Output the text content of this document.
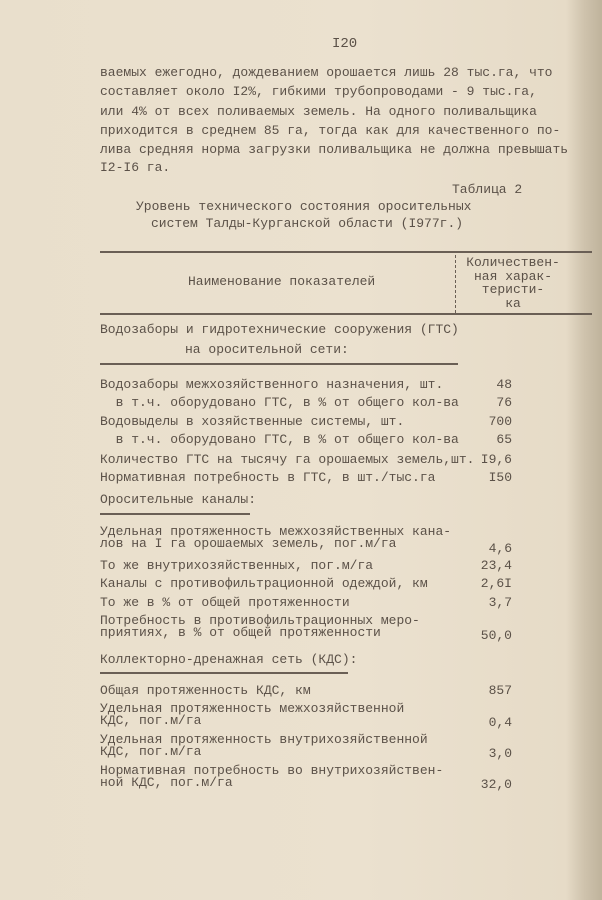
I20
ваемых ежегодно, дождеванием орошается лишь 28 тыс.га, что
составляет около I2%, гибкими трубопроводами - 9 тыс.га,
или 4% от всех поливаемых земель. На одного поливальщика
приходится в среднем 85 га, тогда как для качественного по-
лива средняя норма загрузки поливальщика не должна превышать
I2-I6 га.
Таблица 2
Уровень технического состояния оросительных
систем Талды-Курганской области (I977г.)
Наименование показателей
Количествен-
ная харак-
теристи-
ка
Водозаборы и гидротехнические сооружения (ГТС)
на оросительной сети:
Водозаборы межхозяйственного назначения, шт.	48
в т.ч. оборудовано ГТС, в % от общего кол-ва	76
Водовыделы в хозяйственные системы, шт.	700
в т.ч. оборудовано ГТС, в % от общего кол-ва	65
Количество ГТС на тысячу га орошаемых земель,шт. I9,6
Нормативная потребность в ГТС, в шт./тыс.га	I50
Оросительные каналы:
Удельная протяженность межхозяйственных кана-
лов на I га орошаемых земель, пог.м/га	4,6
То же внутрихозяйственных, пог.м/га	23,4
Каналы с противофильтрационной одеждой, км	2,6I
То же в % от общей протяженности	3,7
Потребность в противофильтрационных меро-
приятиях, в % от общей протяженности	50,0
Коллекторно-дренажная сеть (КДС):
Общая протяженность КДС, км	857
Удельная протяженность межхозяйственной
КДС, пог.м/га	0,4
Удельная протяженность внутрихозяйственной
КДС, пог.м/га	3,0
Нормативная потребность во внутрихозяйствен-
ной КДС, пог.м/га	32,0
